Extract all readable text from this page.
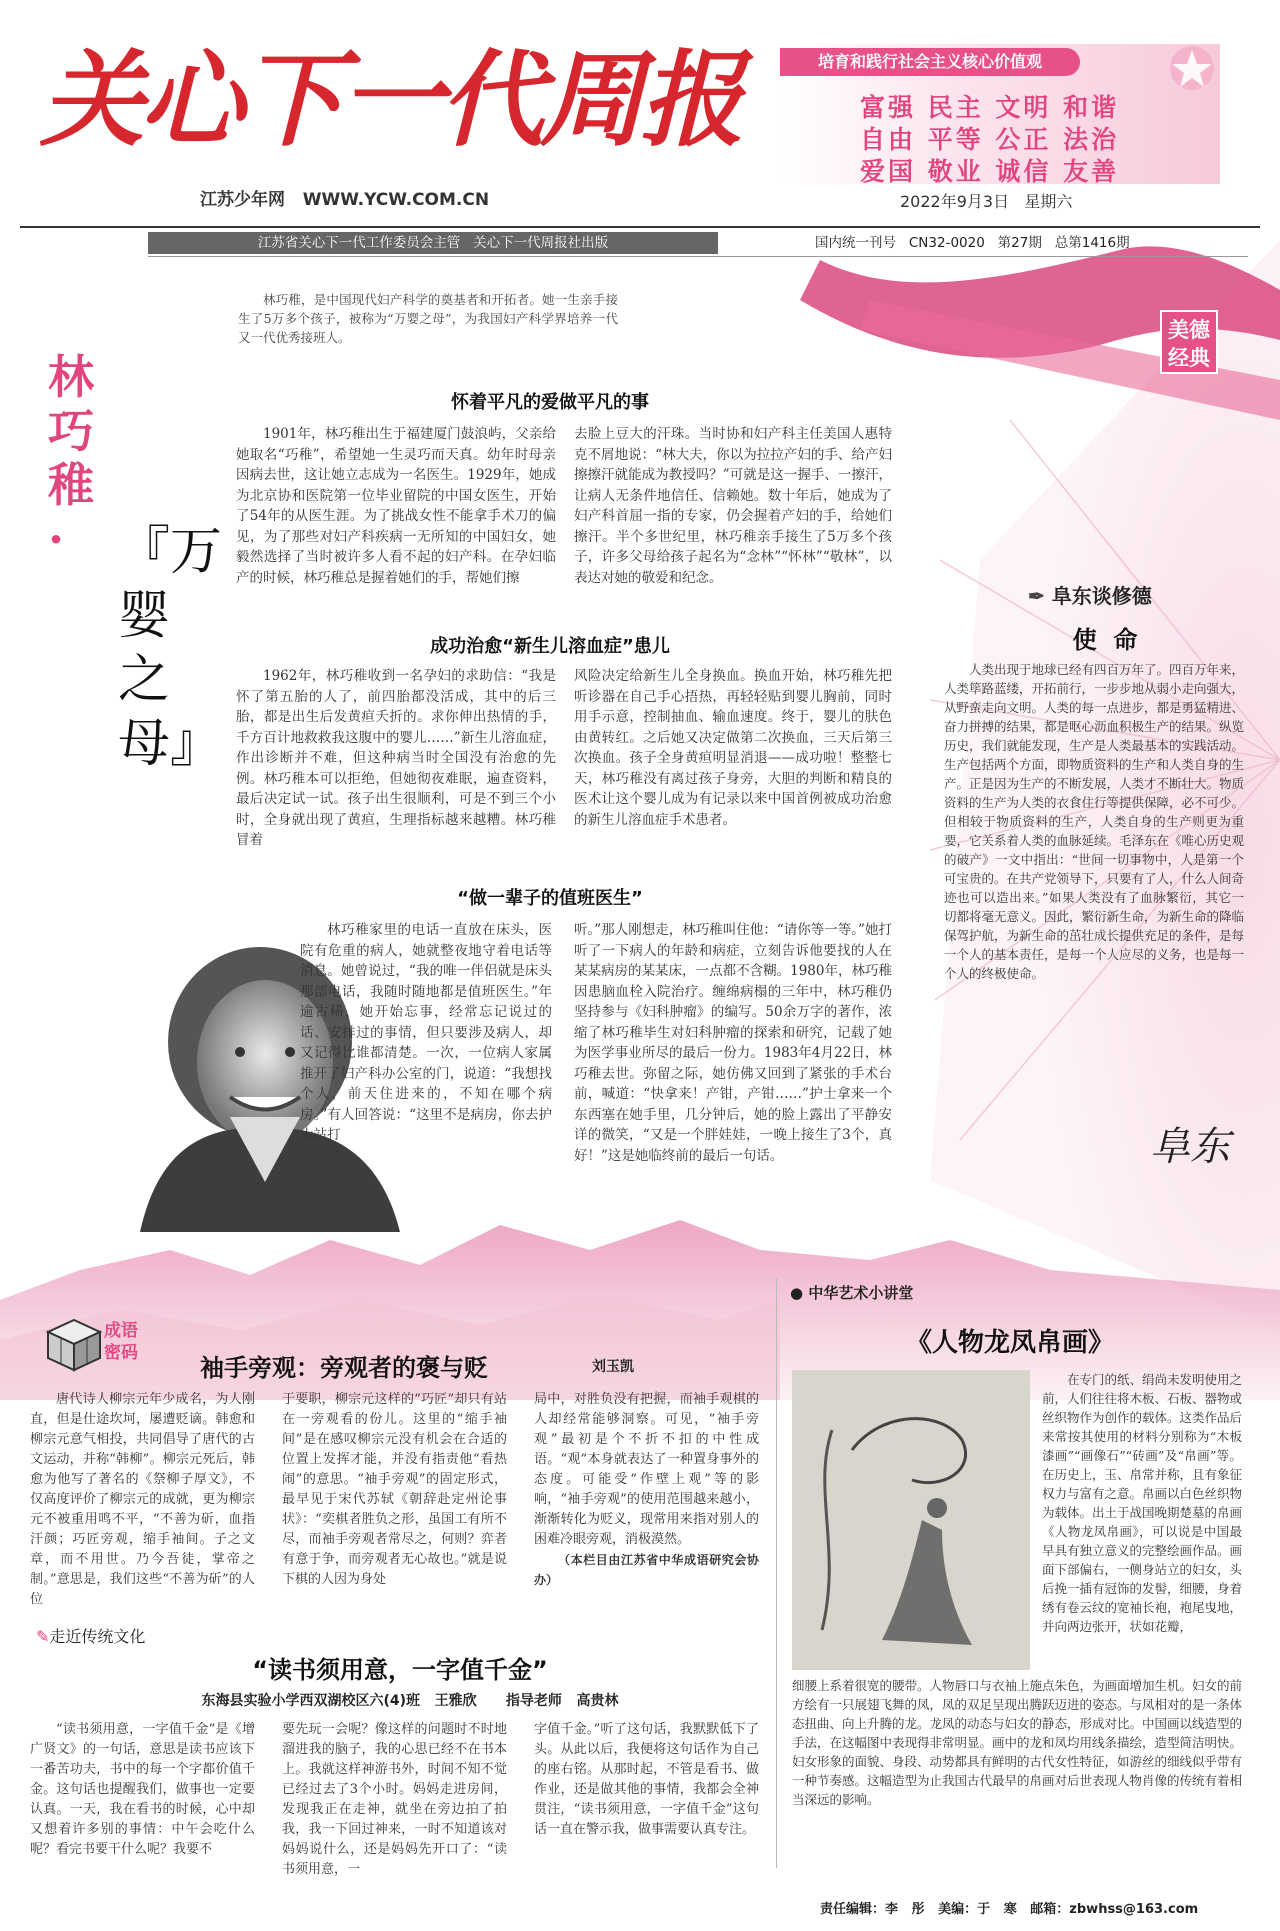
关心下一代周报
江苏少年网   WWW.YCW.COM.CN
培育和践行社会主义核心价值观
富强 民主 文明 和谐
自由 平等 公正 法治
爱国 敬业 诚信 友善
2022年9月3日   星期六
江苏省关心下一代工作委员会主管   关心下一代周报社出版	国内统一刊号   CN32-0020   第27期   总第1416期
林巧稚·	『万婴之母』
美德经典
林巧稚，是中国现代妇产科学的奠基者和开拓者。她一生亲手接生了5万多个孩子，被称为“万婴之母”，为我国妇产科学界培养一代又一代优秀接班人。
怀着平凡的爱做平凡的事

1901年，林巧稚出生于福建厦门鼓浪屿，父亲给她取名“巧稚”，希望她一生灵巧而天真。幼年时母亲因病去世，这让她立志成为一名医生。1929年，她成为北京协和医院第一位毕业留院的中国女医生，开始了54年的从医生涯。为了挑战女性不能拿手术刀的偏见，为了那些对妇产科疾病一无所知的中国妇女，她毅然选择了当时被许多人看不起的妇产科。在孕妇临产的时候，林巧稚总是握着她们的手，帮她们擦

去脸上豆大的汗珠。当时协和妇产科主任美国人惠特克不屑地说：“林大夫，你以为拉拉产妇的手、给产妇擦擦汗就能成为教授吗？”可就是这一握手、一擦汗，让病人无条件地信任、信赖她。数十年后，她成为了妇产科首屈一指的专家，仍会握着产妇的手，给她们擦汗。半个多世纪里，林巧稚亲手接生了5万多个孩子，许多父母给孩子起名为“念林”“怀林”“敬林”，以表达对她的敬爱和纪念。

成功治愈“新生儿溶血症”患儿

1962年，林巧稚收到一名孕妇的求助信：“我是怀了第五胎的人了，前四胎都没活成，其中的后三胎，都是出生后发黄疸夭折的。求你伸出热情的手，千方百计地救救我这腹中的婴儿……”新生儿溶血症，作出诊断并不难，但这种病当时全国没有治愈的先例。林巧稚本可以拒绝，但她彻夜难眠，遍查资料，最后决定试一试。孩子出生很顺利，可是不到三个小时，全身就出现了黄疸，生理指标越来越糟。林巧稚冒着

风险决定给新生儿全身换血。换血开始，林巧稚先把听诊器在自己手心捂热，再轻轻贴到婴儿胸前，同时用手示意，控制抽血、输血速度。终于，婴儿的肤色由黄转红。之后她又决定做第二次换血，三天后第三次换血。孩子全身黄疸明显消退——成功啦！整整七天，林巧稚没有离过孩子身旁，大胆的判断和精良的医术让这个婴儿成为有记录以来中国首例被成功治愈的新生儿溶血症手术患者。

“做一辈子的值班医生”

林巧稚家里的电话一直放在床头，医院有危重的病人，她就整夜地守着电话等消息。她曾说过，“我的唯一伴侣就是床头那部电话，我随时随地都是值班医生。”年逾古稀，她开始忘事，经常忘记说过的话、安排过的事情，但只要涉及病人，却又记得比谁都清楚。一次，一位病人家属推开了妇产科办公室的门，说道：“我想找个人，前天住进来的，不知在哪个病房。”有人回答说：“这里不是病房，你去护士站打

听。”那人刚想走，林巧稚叫住他：“请你等一等。”她打听了一下病人的年龄和病症，立刻告诉他要找的人在某某病房的某某床，一点都不含糊。1980年，林巧稚因患脑血栓入院治疗。缠绵病榻的三年中，林巧稚仍坚持参与《妇科肿瘤》的编写。50余万字的著作，浓缩了林巧稚毕生对妇科肿瘤的探索和研究，记载了她为医学事业所尽的最后一份力。1983年4月22日，林巧稚去世。弥留之际，她仿佛又回到了紧张的手术台前，喊道：“快拿来！产钳，产钳……”护士拿来一个东西塞在她手里，几分钟后，她的脸上露出了平静安详的微笑，“又是一个胖娃娃，一晚上接生了3个，真好！”这是她临终前的最后一句话。

✒ 阜东谈修德
使  命

人类出现于地球已经有四百万年了。四百万年来，人类筚路蓝缕，开拓前行，一步步地从弱小走向强大，从野蛮走向文明。人类的每一点进步，都是勇猛精进、奋力拼搏的结果，都是呕心沥血积极生产的结果。纵览历史，我们就能发现，生产是人类最基本的实践活动。生产包括两个方面，即物质资料的生产和人类自身的生产。正是因为生产的不断发展，人类才不断壮大。物质资料的生产为人类的衣食住行等提供保障，必不可少。但相较于物质资料的生产，人类自身的生产则更为重要，它关系着人类的血脉延续。毛泽东在《唯心历史观的破产》一文中指出：“世间一切事物中，人是第一个可宝贵的。在共产党领导下，只要有了人，什么人间奇迹也可以造出来。”如果人类没有了血脉繁衍，其它一切都将毫无意义。因此，繁衍新生命，为新生命的降临保驾护航，为新生命的茁壮成长提供充足的条件，是每一个人的基本责任，是每一个人应尽的义务，也是每一个人的终极使命。

阜东
成语
密码
袖手旁观：旁观者的褒与贬	刘玉凯

唐代诗人柳宗元年少成名，为人刚直，但是仕途坎坷，屡遭贬谪。韩愈和柳宗元意气相投，共同倡导了唐代的古文运动，并称“韩柳”。柳宗元死后，韩愈为他写了著名的《祭柳子厚文》，不仅高度评价了柳宗元的成就，更为柳宗元不被重用鸣不平，“不善为斫，血指汗颜；巧匠旁观，缩手袖间。子之文章，而不用世。乃今吾徒，掌帝之制。”意思是，我们这些“不善为斫”的人位

于要职，柳宗元这样的“巧匠”却只有站在一旁观看的份儿。这里的“缩手袖间”是在感叹柳宗元没有机会在合适的位置上发挥才能，并没有指责他“看热闹”的意思。“袖手旁观”的固定形式，最早见于宋代苏轼《朝辞赴定州论事状》：“奕棋者胜负之形，虽国工有所不尽，而袖手旁观者常尽之，何则？弈者有意于争，而旁观者无心故也。”就是说下棋的人因为身处

局中，对胜负没有把握，而袖手观棋的人却经常能够洞察。可见，“袖手旁观”最初是个不折不扣的中性成语。“观”本身就表达了一种置身事外的态度。可能受“作壁上观”等的影响，“袖手旁观”的使用范围越来越小，渐渐转化为贬义，现常用来指对别人的困难冷眼旁观，消极漠然。

（本栏目由江苏省中华成语研究会协办）

✎走近传统文化
“读书须用意，一字值千金”
东海县实验小学西双湖校区六(4)班   王雅欣      指导老师   高贵林

“读书须用意，一字值千金”是《增广贤文》的一句话，意思是读书应该下一番苦功夫，书中的每一个字都价值千金。这句话也提醒我们，做事也一定要认真。一天，我在看书的时候，心中却又想着许多别的事情：中午会吃什么呢？看完书要干什么呢？我要不

要先玩一会呢？像这样的问题时不时地溜进我的脑子，我的心思已经不在书本上。我就这样神游书外，时间不知不觉已经过去了3个小时。妈妈走进房间，发现我正在走神，就坐在旁边拍了拍我，我一下回过神来，一时不知道该对妈妈说什么，还是妈妈先开口了：“读书须用意，一

字值千金。”听了这句话，我默默低下了头。从此以后，我便将这句话作为自己的座右铭。从那时起，不管是看书、做作业，还是做其他的事情，我都会全神贯注，“读书须用意，一字值千金”这句话一直在警示我，做事需要认真专注。

● 中华艺术小讲堂
《人物龙凤帛画》

在专门的纸、绢尚未发明使用之前，人们往往将木板、石板、器物或丝织物作为创作的载体。这类作品后来常按其使用的材料分别称为“木板漆画”“画像石”“砖画”及“帛画”等。在历史上，玉、帛常并称，且有象征权力与富有之意。帛画以白色丝织物为载体。出土于战国晚期楚墓的帛画《人物龙凤帛画》，可以说是中国最早具有独立意义的完整绘画作品。画面下部偏右，一侧身站立的妇女，头后挽一插有冠饰的发髻，细腰，身着绣有卷云纹的宽袖长袍，袍尾曳地，并向两边张开，状如花瓣，

细腰上系着很宽的腰带。人物唇口与衣袖上施点朱色，为画面增加生机。妇女的前方绘有一只展翅飞舞的凤，凤的双足呈现出腾跃迈进的姿态。与凤相对的是一条体态扭曲、向上升腾的龙。龙凤的动态与妇女的静态，形成对比。中国画以线造型的手法，在这幅图中表现得非常明显。画中的龙和凤均用线条描绘，造型简洁明快。妇女形象的面貌、身段、动势都具有鲜明的古代女性特征，如游丝的细线似乎带有一种节奏感。这幅造型为止我国古代最早的帛画对后世表现人物肖像的传统有着相当深远的影响。

责任编辑：李   彤   美编：于   寒   邮箱：zbwhss@163.com
